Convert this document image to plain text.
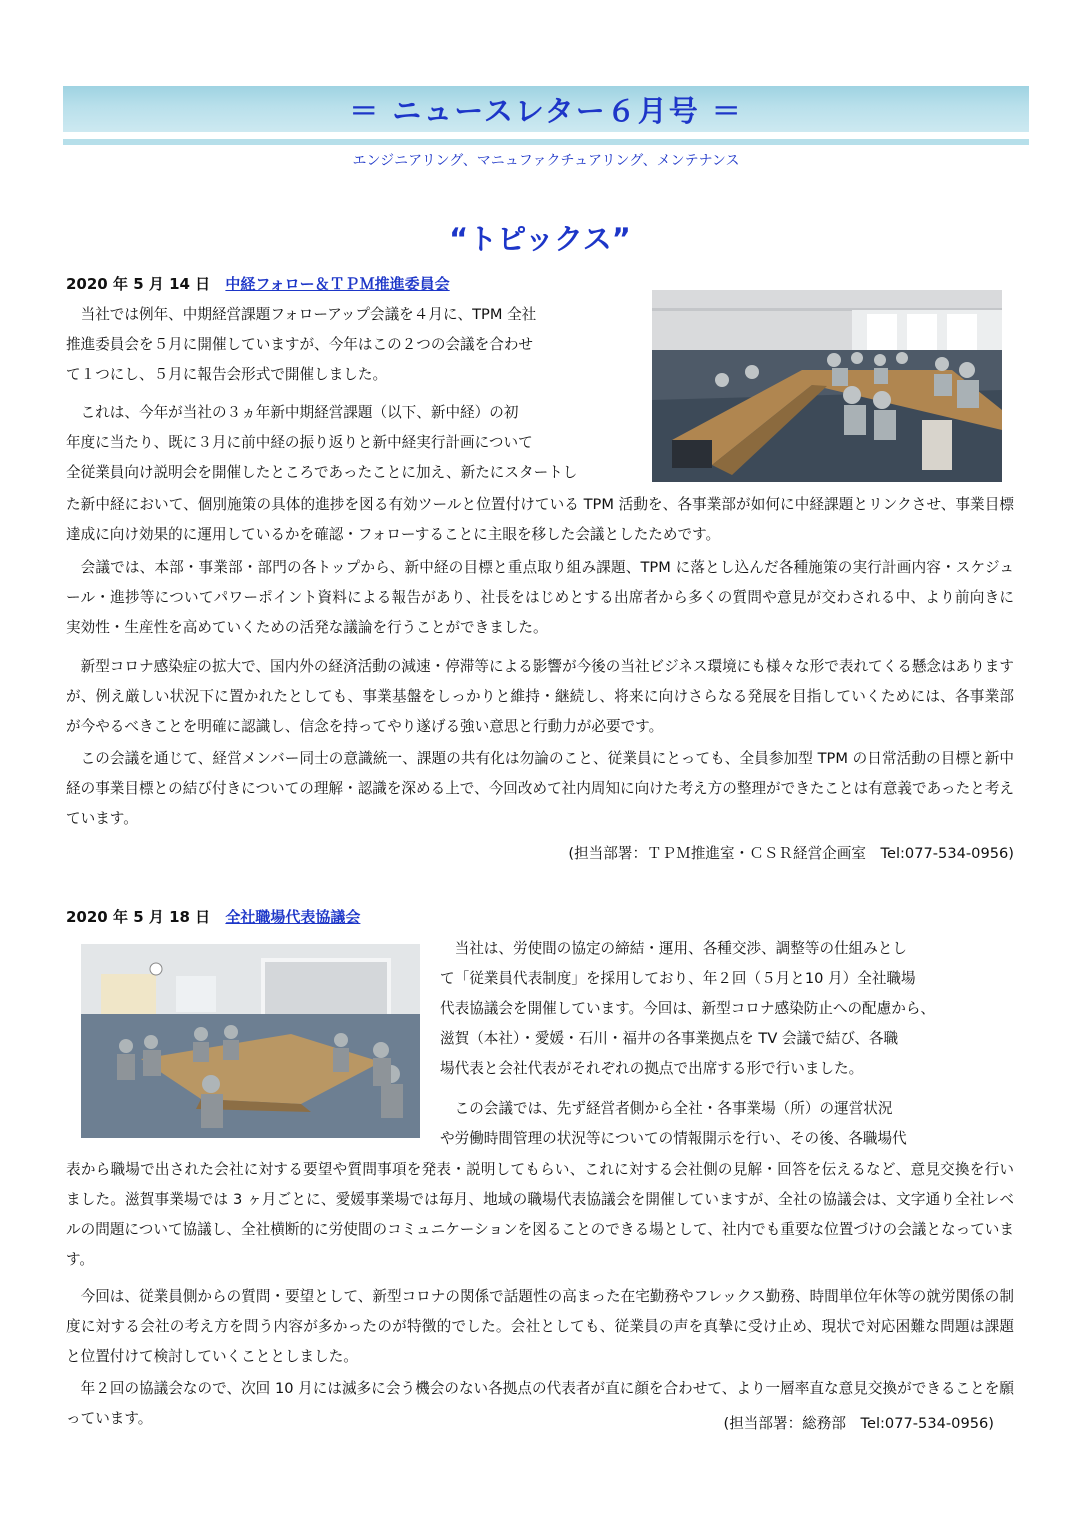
＝ ニュースレター６月号 ＝
エンジニアリング、マニュファクチュアリング、メンテナンス
“トピックス”
2020 年 5 月 14 日 中経フォロー＆ＴＰＭ推進委員会

当社では例年、中期経営課題フォローアップ会議を４月に、TPM 全社
推進委員会を５月に開催していますが、今年はこの２つの会議を合わせ
て１つにし、５月に報告会形式で開催しました。

これは、今年が当社の３ヵ年新中期経営課題（以下、新中経）の初
年度に当たり、既に３月に前中経の振り返りと新中経実行計画について
全従業員向け説明会を開催したところであったことに加え、新たにスタートし

た新中経において、個別施策の具体的進捗を図る有効ツールと位置付けている TPM 活動を、各事業部が如何に中経課題とリンクさせ、事業目標達成に向け効果的に運用しているかを確認・フォローすることに主眼を移した会議としたためです。

会議では、本部・事業部・部門の各トップから、新中経の目標と重点取り組み課題、TPM に落とし込んだ各種施策の実行計画内容・スケジュール・進捗等についてパワーポイント資料による報告があり、社長をはじめとする出席者から多くの質問や意見が交わされる中、より前向きに実効性・生産性を高めていくための活発な議論を行うことができました。

新型コロナ感染症の拡大で、国内外の経済活動の減速・停滞等による影響が今後の当社ビジネス環境にも様々な形で表れてくる懸念はありますが、例え厳しい状況下に置かれたとしても、事業基盤をしっかりと維持・継続し、将来に向けさらなる発展を目指していくためには、各事業部が今やるべきことを明確に認識し、信念を持ってやり遂げる強い意思と行動力が必要です。

この会議を通じて、経営メンバー同士の意識統一、課題の共有化は勿論のこと、従業員にとっても、全員参加型 TPM の日常活動の目標と新中経の事業目標との結び付きについての理解・認識を深める上で、今回改めて社内周知に向けた考え方の整理ができたことは有意義であったと考えています。

(担当部署：ＴＰＭ推進室・ＣＳＲ経営企画室　Tel:077-534-0956)
2020 年 5 月 18 日 全社職場代表協議会

当社は、労使間の協定の締結・運用、各種交渉、調整等の仕組みとし
て「従業員代表制度」を採用しており、年２回（５月と10 月）全社職場
代表協議会を開催しています。今回は、新型コロナ感染防止への配慮から、
滋賀（本社）・愛媛・石川・福井の各事業拠点を TV 会議で結び、各職
場代表と会社代表がそれぞれの拠点で出席する形で行いました。

この会議では、先ず経営者側から全社・各事業場（所）の運営状況
や労働時間管理の状況等についての情報開示を行い、その後、各職場代

表から職場で出された会社に対する要望や質問事項を発表・説明してもらい、これに対する会社側の見解・回答を伝えるなど、意見交換を行いました。滋賀事業場では 3 ヶ月ごとに、愛媛事業場では毎月、地域の職場代表協議会を開催していますが、全社の協議会は、文字通り全社レベルの問題について協議し、全社横断的に労使間のコミュニケーションを図ることのできる場として、社内でも重要な位置づけの会議となっています。

今回は、従業員側からの質問・要望として、新型コロナの関係で話題性の高まった在宅勤務やフレックス勤務、時間単位年休等の就労関係の制度に対する会社の考え方を問う内容が多かったのが特徴的でした。会社としても、従業員の声を真摯に受け止め、現状で対応困難な問題は課題と位置付けて検討していくこととしました。

年２回の協議会なので、次回 10 月には滅多に会う機会のない各拠点の代表者が直に顔を合わせて、より一層率直な意見交換ができることを願っています。	(担当部署：総務部　Tel:077-534-0956)
